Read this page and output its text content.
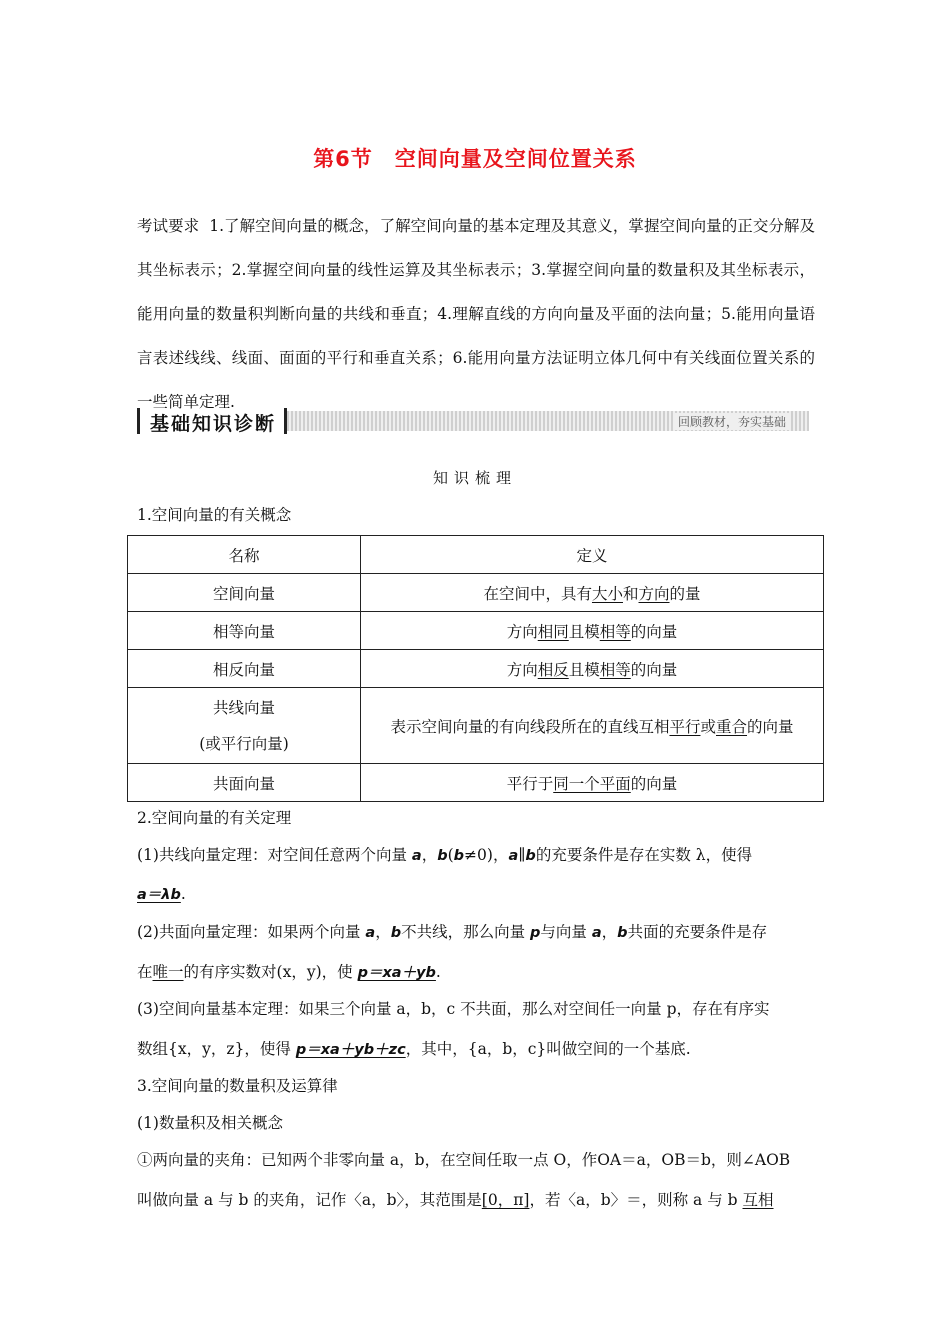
第6节　空间向量及空间位置关系
考试要求 1.了解空间向量的概念，了解空间向量的基本定理及其意义，掌握空间向量的正交分解及其坐标表示；2.掌握空间向量的线性运算及其坐标表示；3.掌握空间向量的数量积及其坐标表示，能用向量的数量积判断向量的共线和垂直；4.理解直线的方向向量及平面的法向量；5.能用向量语言表述线线、线面、面面的平行和垂直关系；6.能用向量方法证明立体几何中有关线面位置关系的一些简单定理.
基础知识诊断	回顾教材，夯实基础
知识梳理
1.空间向量的有关概念
名称	定义
空间向量	在空间中，具有大小和方向的量
相等向量	方向相同且模相等的向量
相反向量	方向相反且模相等的向量

共线向量
(或平行向量)	表示空间向量的有向线段所在的直线互相平行或重合的向量
共面向量	平行于同一个平面的向量
2.空间向量的有关定理
(1)共线向量定理：对空间任意两个向量 a，b(b≠0)，a∥b的充要条件是存在实数 λ，使得
a＝λb.
(2)共面向量定理：如果两个向量 a，b不共线，那么向量 p与向量 a，b共面的充要条件是存
在唯一的有序实数对(x，y)，使 p＝xa＋yb.
(3)空间向量基本定理：如果三个向量 a，b，c 不共面，那么对空间任一向量 p，存在有序实
数组{x，y，z}，使得 p＝xa＋yb＋zc，其中，{a，b，c}叫做空间的一个基底.
3.空间向量的数量积及运算律
(1)数量积及相关概念
①两向量的夹角：已知两个非零向量 a，b，在空间任取一点 O，作OA＝a，OB＝b，则∠AOB
叫做向量 a 与 b 的夹角，记作〈a，b〉，其范围是[0，π]，若〈a，b〉＝，则称 a 与 b 互相
